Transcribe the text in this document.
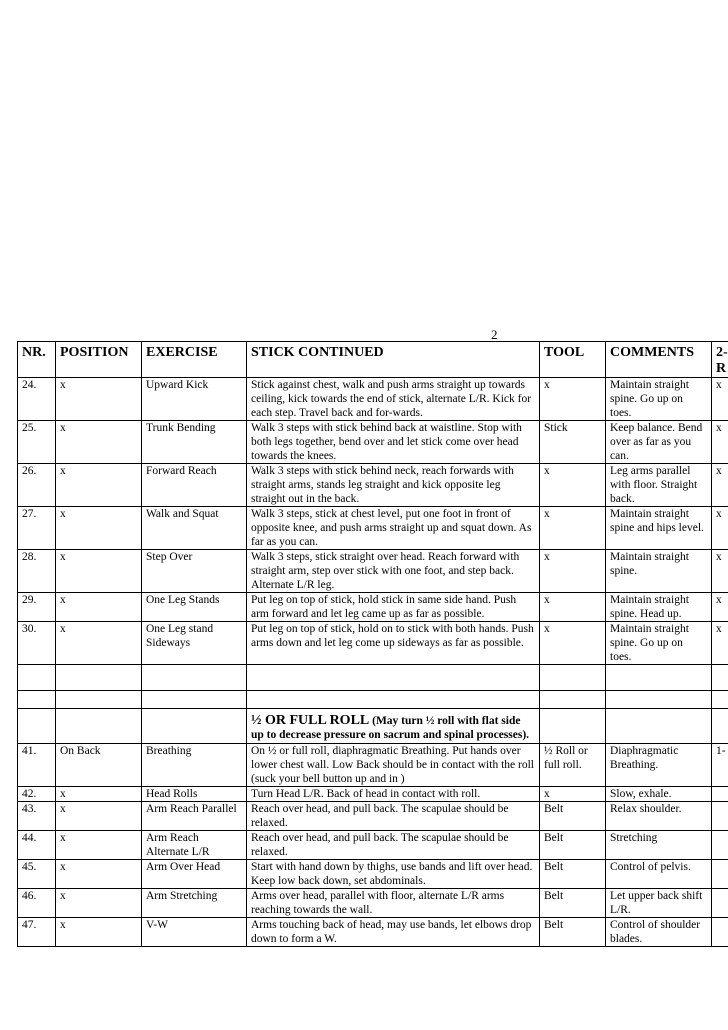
2
NR.	POSITION	EXERCISE	STICK CONTINUED	TOOL	COMMENTS	2-
R
24.	x	Upward Kick	Stick against chest, walk and push arms straight up towards ceiling, kick towards the end of stick, alternate L/R. Kick for each step. Travel back and for-wards.	x	Maintain straight spine. Go up on toes.	x
25.	x	Trunk Bending	Walk 3 steps with stick behind back at waistline. Stop with both legs together, bend over and let stick come over head towards the knees.	Stick	Keep balance. Bend over as far as you can.	x
26.	x	Forward Reach	Walk 3 steps with stick behind neck, reach forwards with straight arms, stands leg straight and kick opposite leg straight out in the back.	x	Leg arms parallel with floor. Straight back.	x
27.	x	Walk and Squat	Walk 3 steps, stick at chest level, put one foot in front of opposite knee, and push arms straight up and squat down. As far as you can.	x	Maintain straight spine and hips level.	x
28.	x	Step Over	Walk 3 steps, stick straight over head. Reach forward with straight arm, step over stick with one foot, and step back. Alternate L/R leg.	x	Maintain straight spine.	x
29.	x	One Leg Stands	Put leg on top of stick, hold stick in same side hand. Push arm forward and let leg came up as far as possible.	x	Maintain straight spine. Head up.	x
30.	x	One Leg stand Sideways	Put leg on top of stick, hold on to stick with both hands. Push arms down and let leg come up sideways as far as possible.	x	Maintain straight spine. Go up on toes.	x

			½ OR FULL ROLL (May turn ½ roll with flat side up to decrease pressure on sacrum and spinal processes).			
41.	On Back	Breathing	On ½ or full roll, diaphragmatic Breathing. Put hands over lower chest wall. Low Back should be in contact with the roll (suck your bell button up and in )	½ Roll or full roll.	Diaphragmatic Breathing.	1-
42.	x	Head Rolls	Turn Head L/R. Back of head in contact with roll.	x	Slow, exhale.	
43.	x	Arm Reach Parallel	Reach over head, and pull back. The scapulae should be relaxed.	Belt	Relax shoulder.	
44.	x	Arm Reach Alternate L/R	Reach over head, and pull back. The scapulae should be relaxed.	Belt	Stretching	
45.	x	Arm Over Head	Start with hand down by thighs, use bands and lift over head. Keep low back down, set abdominals.	Belt	Control of pelvis.	
46.	x	Arm Stretching	Arms over head, parallel with floor, alternate L/R arms reaching towards the wall.	Belt	Let upper back shift L/R.	
47.	x	V-W	Arms touching back of head, may use bands, let elbows drop down to form a W.	Belt	Control of shoulder blades.	
